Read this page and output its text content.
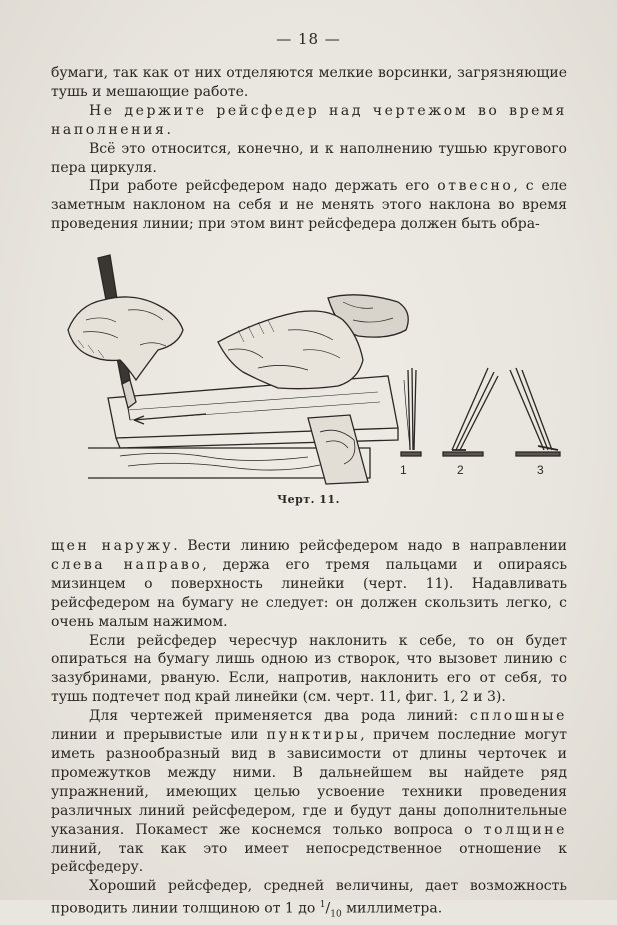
— 18 —

бумаги, так как от них отделяются мелкие ворсинки, загрязняющие тушь и мешающие работе.

Не держите рейсфедер над чертежом во время наполнения.

Всё это относится, конечно, и к наполнению тушью кругового пера циркуля.

При работе рейсфедером надо держать его отвесно, с еле заметным наклоном на себя и не менять этого наклона во время проведения линии; при этом винт рейсфедера должен быть обра-

1	2	3
Черт. 11.

щен наружу. Вести линию рейсфедером надо в направлении слева направо, держа его тремя пальцами и опираясь мизинцем о поверхность линейки (черт. 11). Надавливать рейсфедером на бумагу не следует: он должен скользить легко, с очень малым нажимом.

Если рейсфедер чересчур наклонить к себе, то он будет опираться на бумагу лишь одною из створок, что вызовет линию с зазубринами, рваную. Если, напротив, наклонить его от себя, то тушь подтечет под край линейки (см. черт. 11, фиг. 1, 2 и 3).

Для чертежей применяется два рода линий: сплошные линии и прерывистые или пунктиры, причем последние могут иметь разнообразный вид в зависимости от длины черточек и промежутков между ними. В дальнейшем вы найдете ряд упражнений, имеющих целью усвоение техники проведения различных линий рейсфедером, где и будут даны дополнительные указания. Покамест же коснемся только вопроса о толщине линий, так как это имеет непосредственное отношение к рейсфедеру.

Хороший рейсфедер, средней величины, дает возможность проводить линии толщиною от 1 до $^1/_{10}$ миллиметра.
